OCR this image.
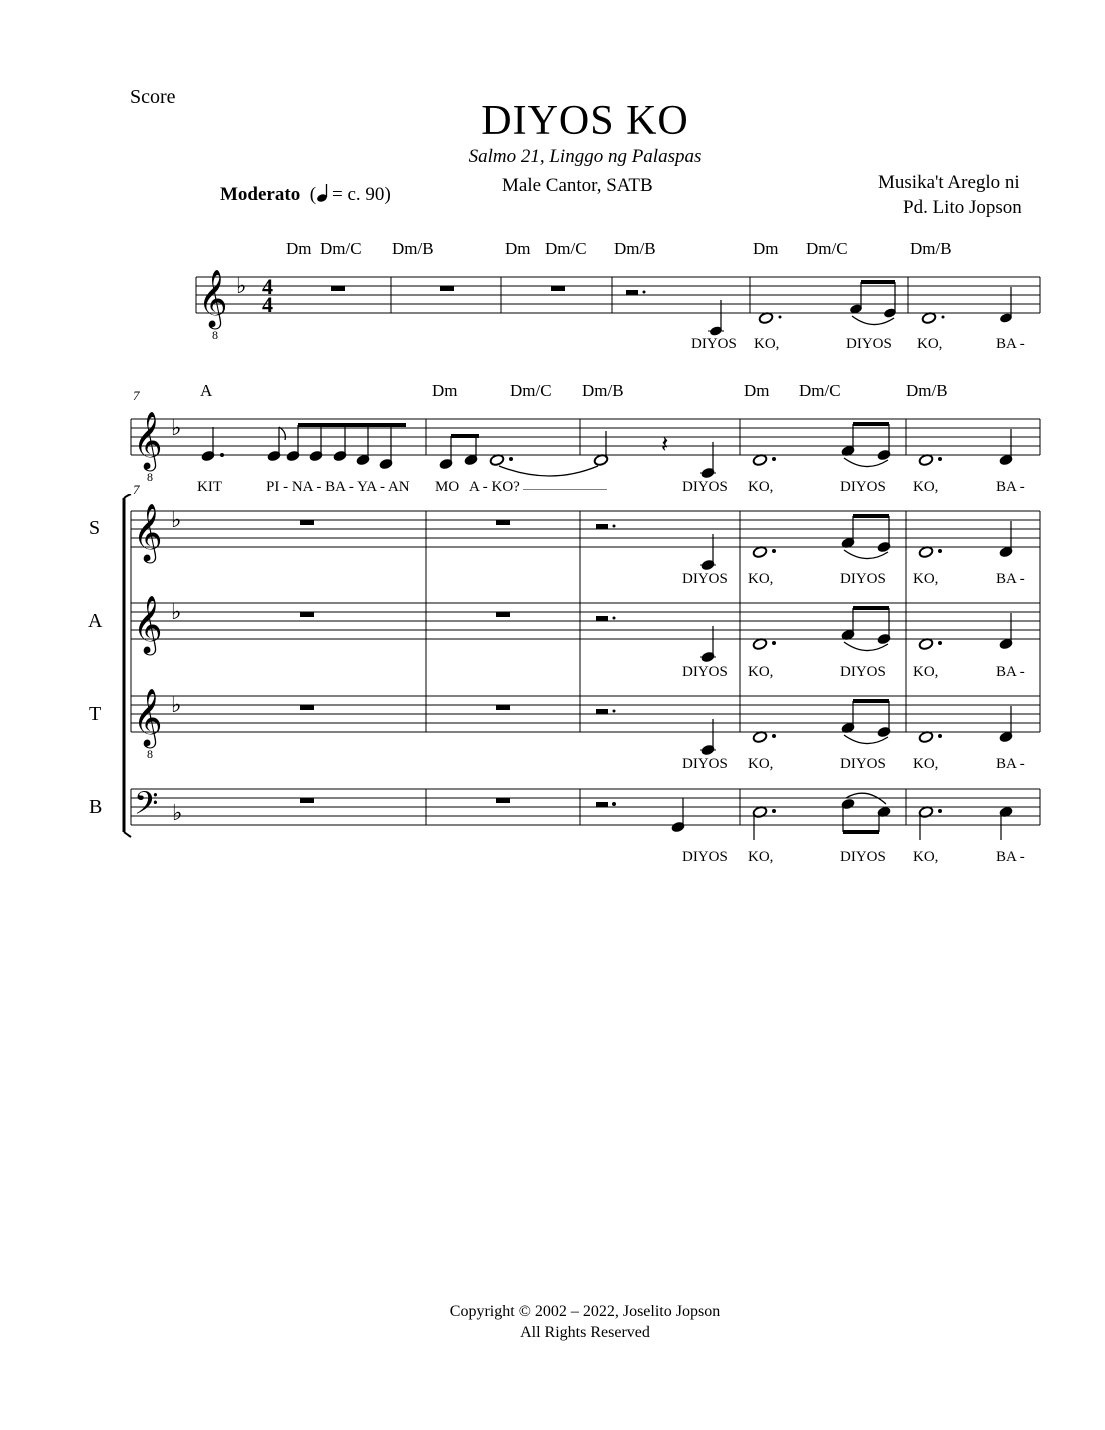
Score
DIYOS KO
Salmo 21, Linggo ng Palaspas
Male Cantor, SATB
Moderato  ( = c. 90)
Musika't Areglo ni
Pd. Lito Jopson
Dm Dm/C Dm/B	Dm Dm/C Dm/B	Dm Dm/C	Dm/B
𝄞
8
♭ 4
4
DIYOS KO,	DIYOS KO,	BA -
7
7
A	Dm	Dm/C Dm/B	Dm Dm/C	Dm/B
𝄞
8
♭
𝄽
KIT	PI - NA - BA - YA - AN MO A - KO?	DIYOS KO,	DIYOS KO,	BA -
S
A
T
B
𝄞 ♭
𝄞 ♭
𝄞
8
♭
𝄢 ♭
DIYOS KO,	DIYOS KO,	BA -
DIYOS KO,	DIYOS KO,	BA -
DIYOS KO,	DIYOS KO,	BA -
DIYOS KO,	DIYOS KO,	BA -
Copyright © 2002 – 2022, Joselito Jopson
All Rights Reserved
